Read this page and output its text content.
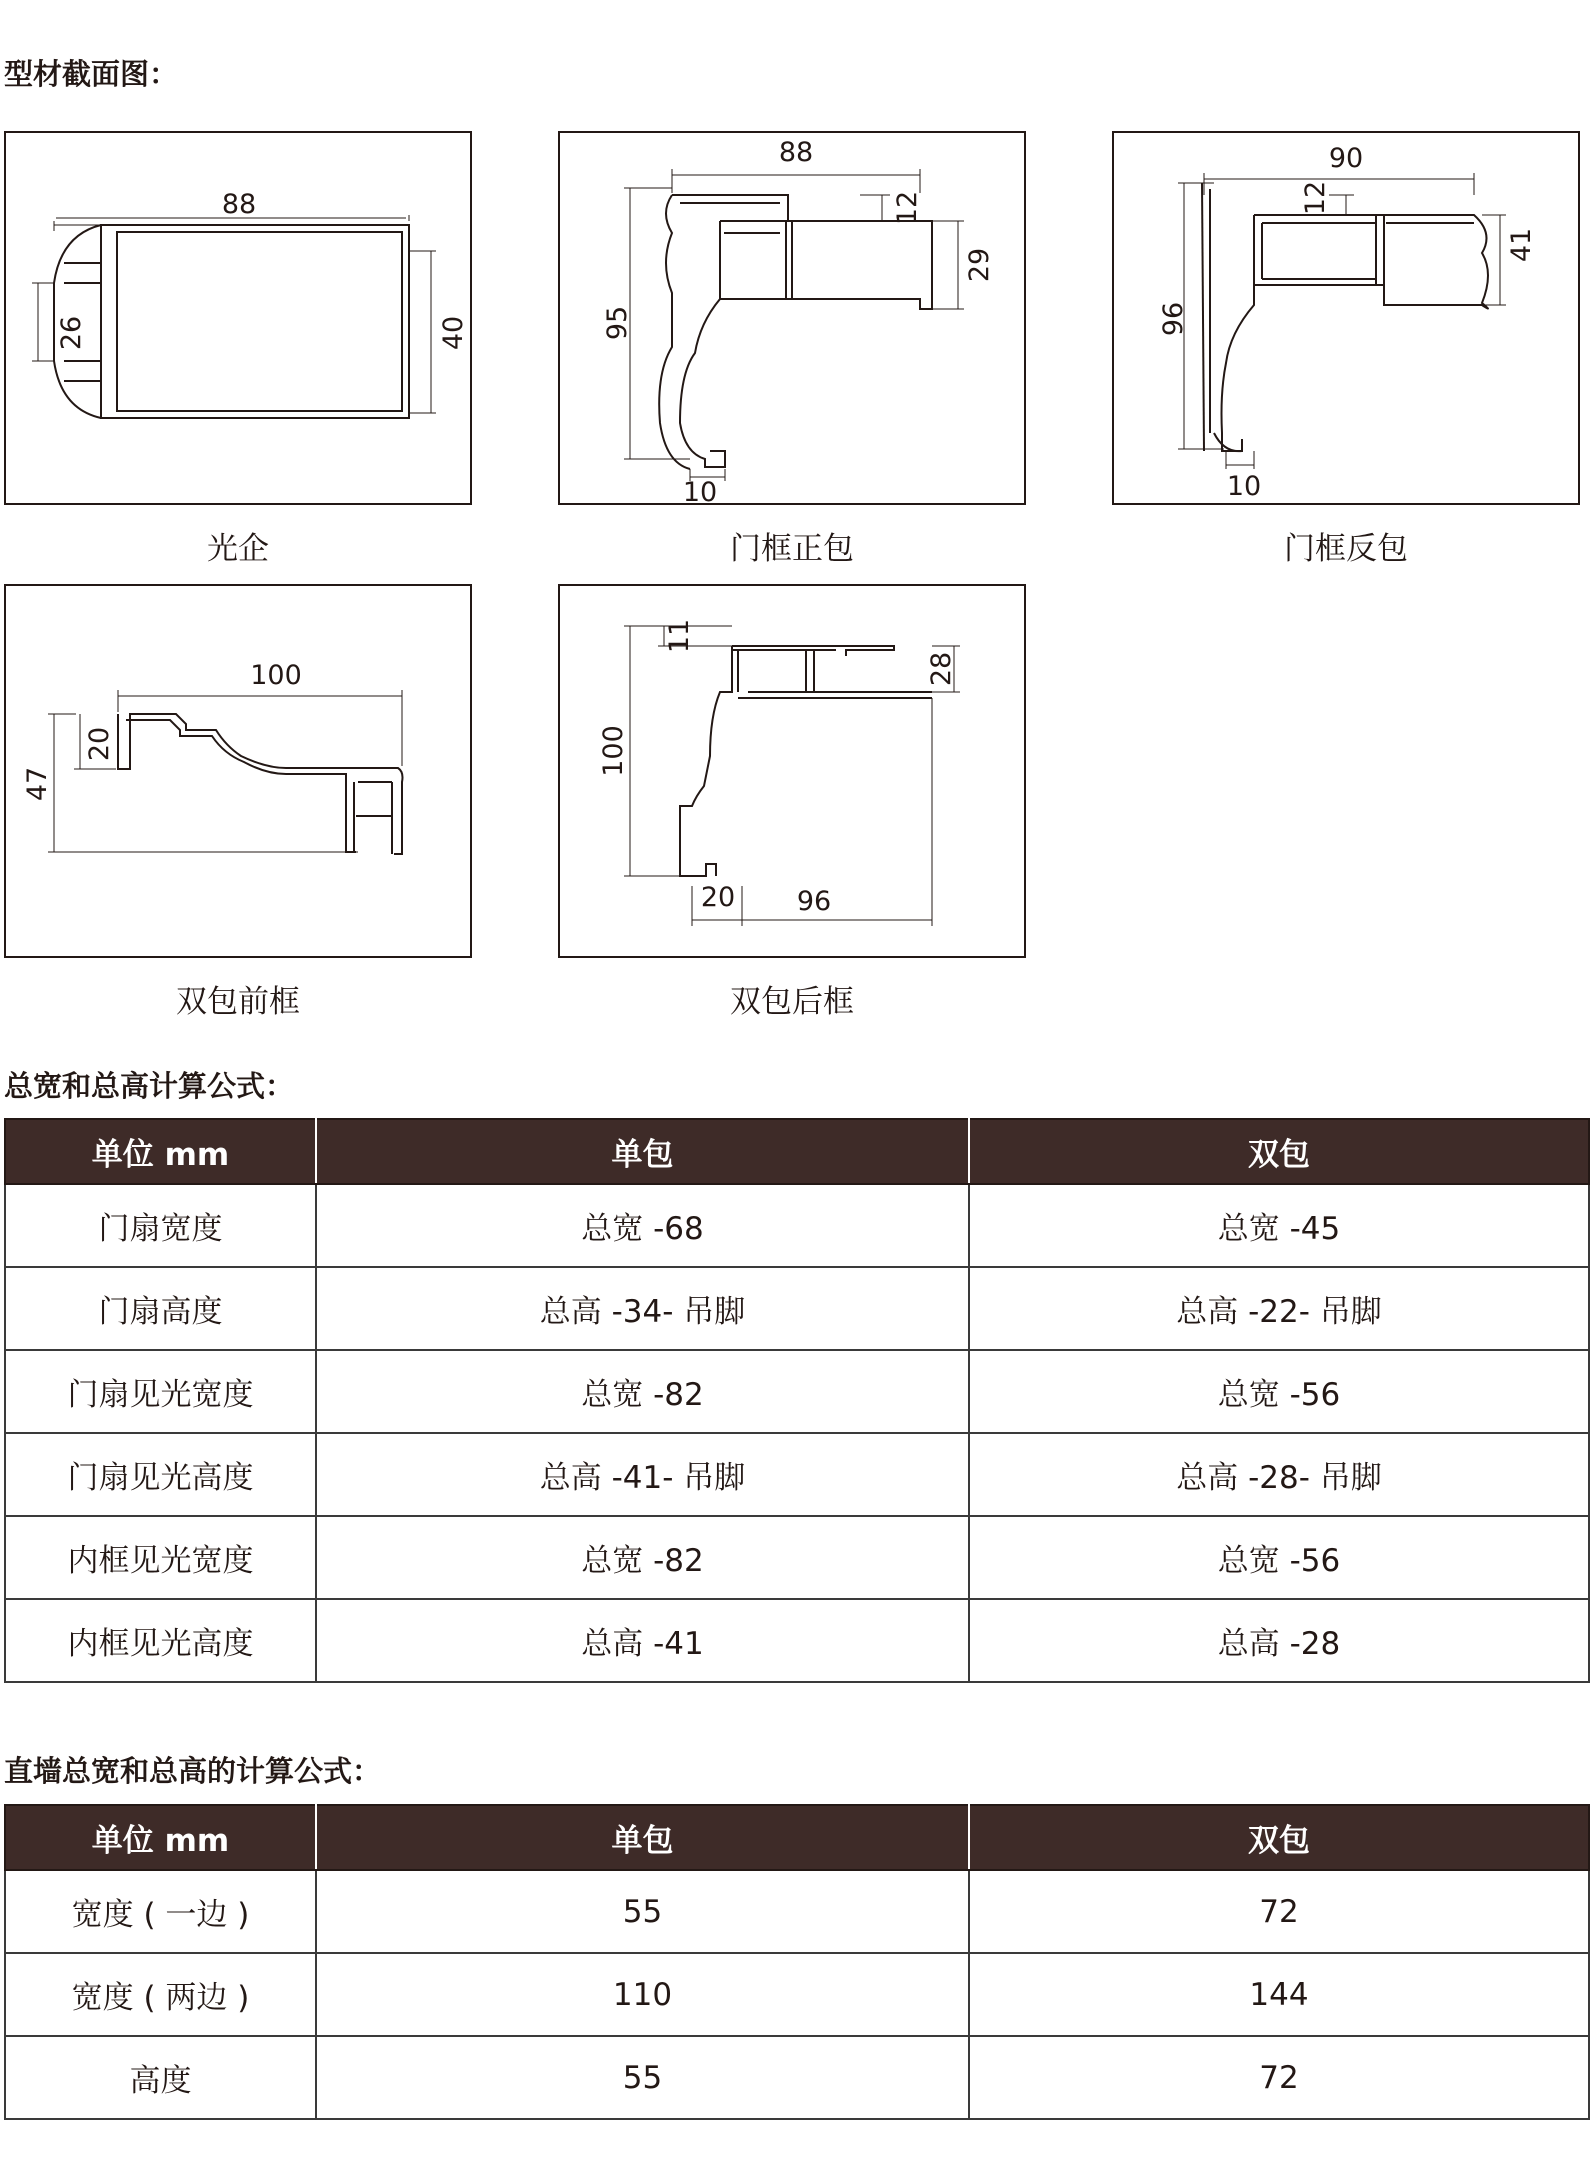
型材截面图：
88
26	40
光企
88
12
29
95
10
门框正包
90
12
41
96
10
门框反包
100
20
47
双包前框
11
28
100
20 96
双包后框
总宽和总高计算公式：
单位 mm	单包	双包
门扇宽度	总宽 -68	总宽 -45
门扇高度	总高 -34- 吊脚	总高 -22- 吊脚
门扇见光宽度	总宽 -82	总宽 -56
门扇见光高度	总高 -41- 吊脚	总高 -28- 吊脚
内框见光宽度	总宽 -82	总宽 -56
内框见光高度	总高 -41	总高 -28
直墙总宽和总高的计算公式：
单位 mm	单包	双包
宽度 ( 一边 )	55	72
宽度 ( 两边 )	110	144
高度	55	72
